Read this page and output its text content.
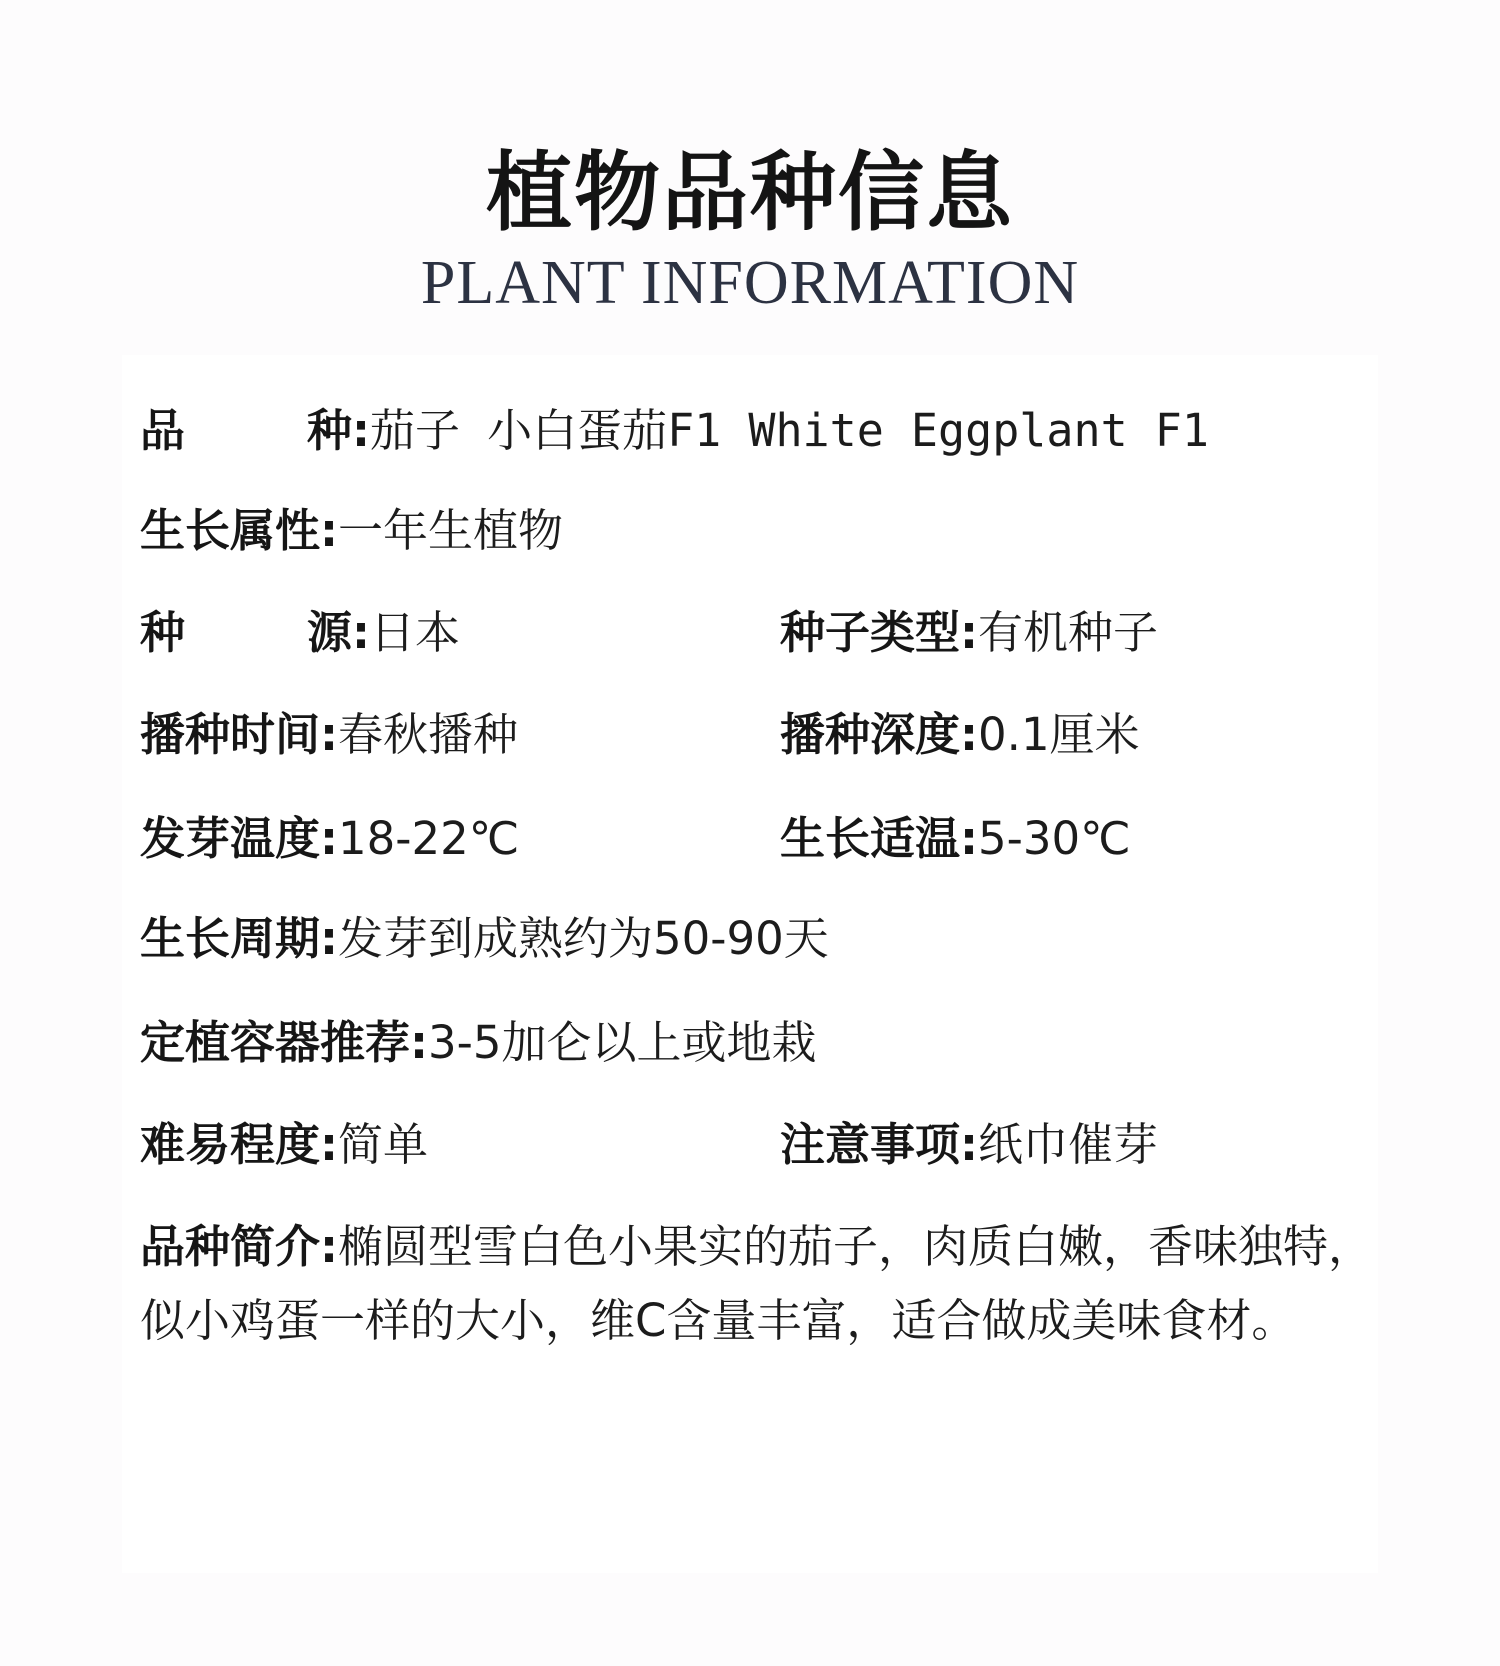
植物品种信息
PLANT INFORMATION
品种:茄子 小白蛋茄F1 White Eggplant F1
生长属性:一年生植物
种源:日本	种子类型:有机种子
播种时间:春秋播种	播种深度:0.1厘米
发芽温度:18-22℃	生长适温:5-30℃
生长周期:发芽到成熟约为50-90天
定植容器推荐:3-5加仑以上或地栽
难易程度:简单	注意事项:纸巾催芽
品种简介:椭圆型雪白色小果实的茄子，肉质白嫩，香味独特，似小鸡蛋一样的大小，维C含量丰富，适合做成美味食材。
